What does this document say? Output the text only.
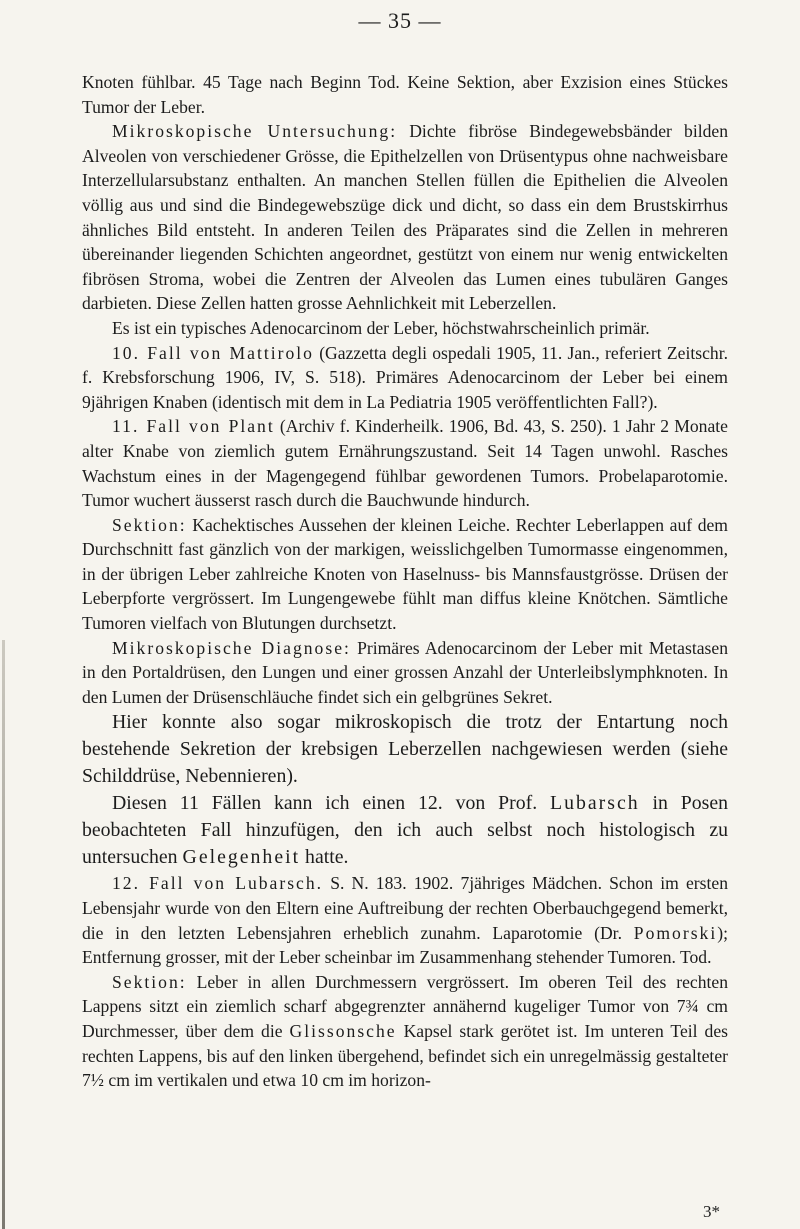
— 35 —

Knoten fühlbar. 45 Tage nach Beginn Tod. Keine Sektion, aber Exzision eines Stückes Tumor der Leber.

Mikroskopische Untersuchung: Dichte fibröse Bindegewebsbänder bilden Alveolen von verschiedener Grösse, die Epithelzellen von Drüsentypus ohne nachweisbare Interzellularsubstanz enthalten. An manchen Stellen füllen die Epithelien die Alveolen völlig aus und sind die Bindegewebszüge dick und dicht, so dass ein dem Brustskirrhus ähnliches Bild entsteht. In anderen Teilen des Präparates sind die Zellen in mehreren übereinander liegenden Schichten angeordnet, gestützt von einem nur wenig entwickelten fibrösen Stroma, wobei die Zentren der Alveolen das Lumen eines tubulären Ganges darbieten. Diese Zellen hatten grosse Aehnlichkeit mit Leberzellen.

Es ist ein typisches Adenocarcinom der Leber, höchstwahrscheinlich primär.

10. Fall von Mattirolo (Gazzetta degli ospedali 1905, 11. Jan., referiert Zeitschr. f. Krebsforschung 1906, IV, S. 518). Primäres Adenocarcinom der Leber bei einem 9jährigen Knaben (identisch mit dem in La Pediatria 1905 veröffentlichten Fall?).

11. Fall von Plant (Archiv f. Kinderheilk. 1906, Bd. 43, S. 250). 1 Jahr 2 Monate alter Knabe von ziemlich gutem Ernährungszustand. Seit 14 Tagen unwohl. Rasches Wachstum eines in der Magengegend fühlbar gewordenen Tumors. Probelaparotomie. Tumor wuchert äusserst rasch durch die Bauchwunde hindurch.

Sektion: Kachektisches Aussehen der kleinen Leiche. Rechter Leberlappen auf dem Durchschnitt fast gänzlich von der markigen, weisslichgelben Tumormasse eingenommen, in der übrigen Leber zahlreiche Knoten von Haselnuss- bis Mannsfaustgrösse. Drüsen der Leberpforte vergrössert. Im Lungengewebe fühlt man diffus kleine Knötchen. Sämtliche Tumoren vielfach von Blutungen durchsetzt.

Mikroskopische Diagnose: Primäres Adenocarcinom der Leber mit Metastasen in den Portaldrüsen, den Lungen und einer grossen Anzahl der Unterleibslymphknoten. In den Lumen der Drüsenschläuche findet sich ein gelbgrünes Sekret.

Hier konnte also sogar mikroskopisch die trotz der Entartung noch bestehende Sekretion der krebsigen Leberzellen nachgewiesen werden (siehe Schilddrüse, Nebennieren).

Diesen 11 Fällen kann ich einen 12. von Prof. Lubarsch in Posen beobachteten Fall hinzufügen, den ich auch selbst noch histologisch zu untersuchen Gelegenheit hatte.

12. Fall von Lubarsch. S. N. 183. 1902. 7jähriges Mädchen. Schon im ersten Lebensjahr wurde von den Eltern eine Auftreibung der rechten Oberbauchgegend bemerkt, die in den letzten Lebensjahren erheblich zunahm. Laparotomie (Dr. Pomorski); Entfernung grosser, mit der Leber scheinbar im Zusammenhang stehender Tumoren. Tod.

Sektion: Leber in allen Durchmessern vergrössert. Im oberen Teil des rechten Lappens sitzt ein ziemlich scharf abgegrenzter annähernd kugeliger Tumor von 7¾ cm Durchmesser, über dem die Glissonsche Kapsel stark gerötet ist. Im unteren Teil des rechten Lappens, bis auf den linken übergehend, befindet sich ein unregelmässig gestalteter 7½ cm im vertikalen und etwa 10 cm im horizon-

3*
